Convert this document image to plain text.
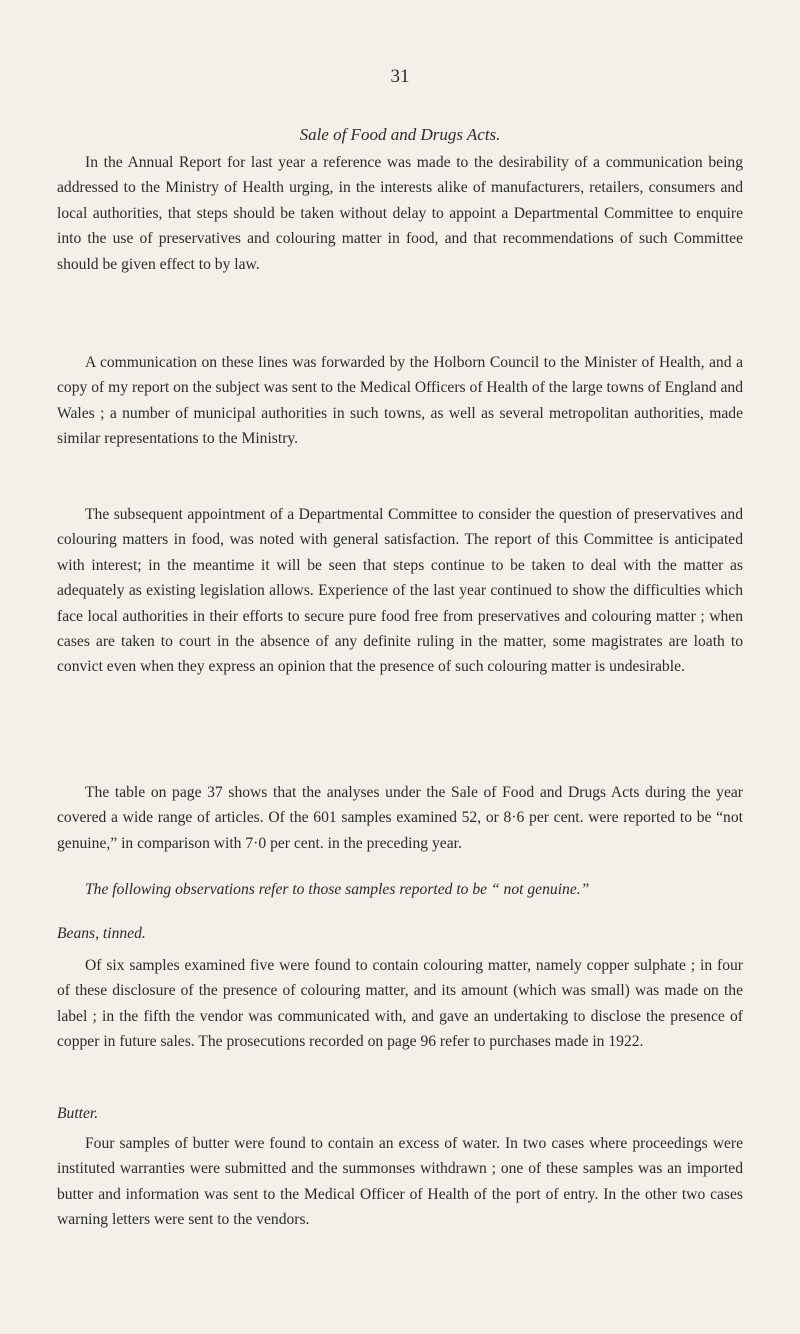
31
Sale of Food and Drugs Acts.

In the Annual Report for last year a reference was made to the desirability of a communication being addressed to the Ministry of Health urging, in the interests alike of manufacturers, retailers, consumers and local authorities, that steps should be taken without delay to appoint a Departmental Committee to enquire into the use of preservatives and colouring matter in food, and that recommendations of such Committee should be given effect to by law.

A communication on these lines was forwarded by the Holborn Council to the Minister of Health, and a copy of my report on the subject was sent to the Medical Officers of Health of the large towns of England and Wales ; a number of municipal authorities in such towns, as well as several metropolitan authorities, made similar representations to the Ministry.

The subsequent appointment of a Departmental Committee to consider the question of preservatives and colouring matters in food, was noted with general satisfaction. The report of this Committee is anticipated with interest; in the meantime it will be seen that steps continue to be taken to deal with the matter as adequately as existing legislation allows. Experience of the last year continued to show the difficulties which face local authorities in their efforts to secure pure food free from preservatives and colouring matter ; when cases are taken to court in the absence of any definite ruling in the matter, some magistrates are loath to convict even when they express an opinion that the presence of such colouring matter is undesirable.

The table on page 37 shows that the analyses under the Sale of Food and Drugs Acts during the year covered a wide range of articles. Of the 601 samples examined 52, or 8·6 per cent. were reported to be “not genuine,” in comparison with 7·0 per cent. in the preceding year.

The following observations refer to those samples reported to be “ not genuine.”
Beans, tinned.

Of six samples examined five were found to contain colouring matter, namely copper sulphate ; in four of these disclosure of the presence of colouring matter, and its amount (which was small) was made on the label ; in the fifth the vendor was communicated with, and gave an undertaking to disclose the presence of copper in future sales. The prosecutions recorded on page 96 refer to purchases made in 1922.

Butter.

Four samples of butter were found to contain an excess of water. In two cases where proceedings were instituted warranties were submitted and the summonses withdrawn ; one of these samples was an imported butter and information was sent to the Medical Officer of Health of the port of entry. In the other two cases warning letters were sent to the vendors.
